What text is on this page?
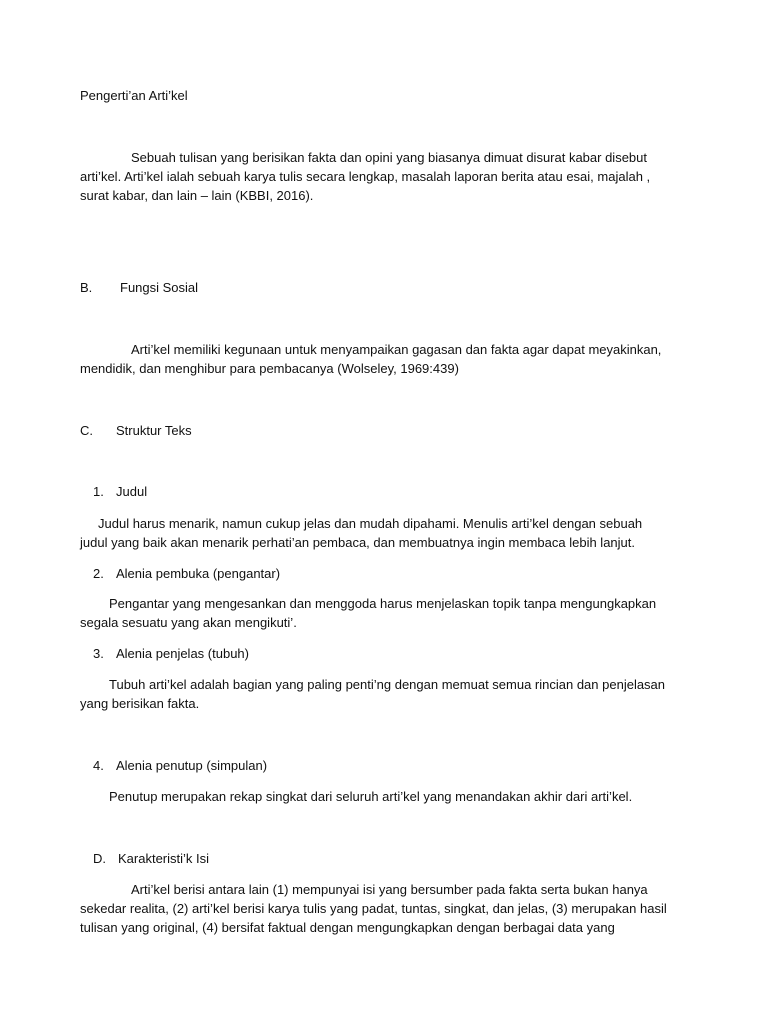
Pengerti’an Arti’kel
Sebuah tulisan yang berisikan fakta dan opini yang biasanya dimuat disurat kabar disebut
arti’kel. Arti’kel ialah sebuah karya tulis secara lengkap, masalah laporan berita atau esai, majalah ,
surat kabar, dan lain – lain (KBBI, 2016).
B. Fungsi Sosial
Arti’kel memiliki kegunaan untuk menyampaikan gagasan dan fakta agar dapat meyakinkan,
mendidik, dan menghibur para pembacanya (Wolseley, 1969:439)
C. Struktur Teks
1. Judul
Judul harus menarik, namun cukup jelas dan mudah dipahami. Menulis arti’kel dengan sebuah
judul yang baik akan menarik perhati’an pembaca, dan membuatnya ingin membaca lebih lanjut.
2. Alenia pembuka (pengantar)
Pengantar yang mengesankan dan menggoda harus menjelaskan topik tanpa mengungkapkan
segala sesuatu yang akan mengikuti’.
3. Alenia penjelas (tubuh)
Tubuh arti’kel adalah bagian yang paling penti’ng dengan memuat semua rincian dan penjelasan
yang berisikan fakta.
4. Alenia penutup (simpulan)
Penutup merupakan rekap singkat dari seluruh arti’kel yang menandakan akhir dari arti’kel.
D. Karakteristi’k Isi
Arti’kel berisi antara lain (1) mempunyai isi yang bersumber pada fakta serta bukan hanya
sekedar realita, (2) arti’kel berisi karya tulis yang padat, tuntas, singkat, dan jelas, (3) merupakan hasil
tulisan yang original, (4) bersifat faktual dengan mengungkapkan dengan berbagai data yang
